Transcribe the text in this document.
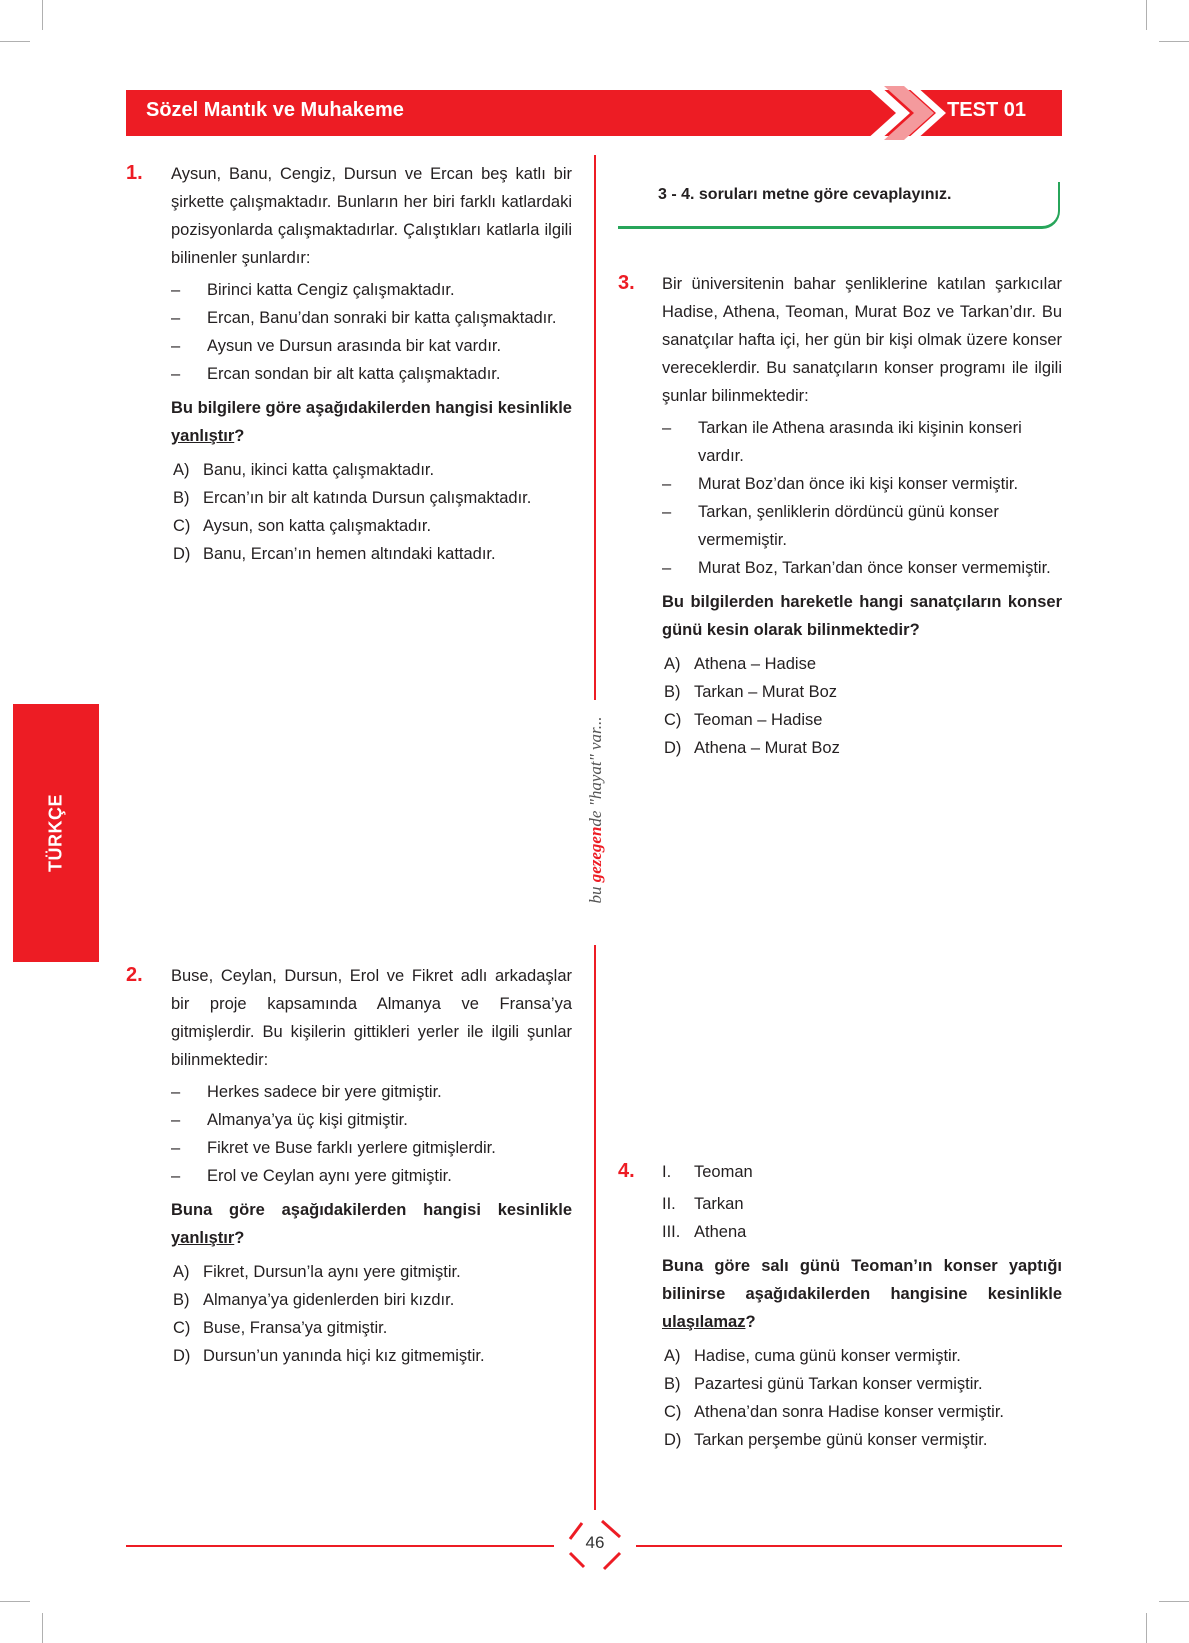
Sözel Mantık ve Muhakeme	TEST 01
TÜRKÇE
bu gezegende "hayat" var...
1. Aysun, Banu, Cengiz, Dursun ve Ercan beş katlı bir şirkette çalışmaktadır. Bunların her biri farklı katlardaki pozisyonlarda çalışmaktadırlar. Çalıştıkları katlarla ilgili bilinenler şunlardır:
– Birinci katta Cengiz çalışmaktadır.
– Ercan, Banu’dan sonraki bir katta çalışmaktadır.
– Aysun ve Dursun arasında bir kat vardır.
– Ercan sondan bir alt katta çalışmaktadır.
Bu bilgilere göre aşağıdakilerden hangisi kesinlikle yanlıştır?
A) Banu, ikinci katta çalışmaktadır.
B) Ercan’ın bir alt katında Dursun çalışmaktadır.
C) Aysun, son katta çalışmaktadır.
D) Banu, Ercan’ın hemen altındaki kattadır.
2. Buse, Ceylan, Dursun, Erol ve Fikret adlı arkadaşlar bir proje kapsamında Almanya ve Fransa’ya gitmişlerdir. Bu kişilerin gittikleri yerler ile ilgili şunlar bilinmektedir:
– Herkes sadece bir yere gitmiştir.
– Almanya’ya üç kişi gitmiştir.
– Fikret ve Buse farklı yerlere gitmişlerdir.
– Erol ve Ceylan aynı yere gitmiştir.
Buna göre aşağıdakilerden hangisi kesinlikle yanlıştır?
A) Fikret, Dursun’la aynı yere gitmiştir.
B) Almanya’ya gidenlerden biri kızdır.
C) Buse, Fransa’ya gitmiştir.
D) Dursun’un yanında hiçi kız gitmemiştir.
3 - 4. soruları metne göre cevaplayınız.
3. Bir üniversitenin bahar şenliklerine katılan şarkıcılar Hadise, Athena, Teoman, Murat Boz ve Tarkan’dır. Bu sanatçılar hafta içi, her gün bir kişi olmak üzere konser vereceklerdir. Bu sanatçıların konser programı ile ilgili şunlar bilinmektedir:
– Tarkan ile Athena arasında iki kişinin konseri vardır.
– Murat Boz’dan önce iki kişi konser vermiştir.
– Tarkan, şenliklerin dördüncü günü konser vermemiştir.
– Murat Boz, Tarkan’dan önce konser vermemiştir.
Bu bilgilerden hareketle hangi sanatçıların konser günü kesin olarak bilinmektedir?
A) Athena – Hadise
B) Tarkan – Murat Boz
C) Teoman – Hadise
D) Athena – Murat Boz
4. I. Teoman
II. Tarkan
III. Athena
Buna göre salı günü Teoman’ın konser yaptığı bilinirse aşağıdakilerden hangisine kesinlikle ulaşılamaz?
A) Hadise, cuma günü konser vermiştir.
B) Pazartesi günü Tarkan konser vermiştir.
C) Athena’dan sonra Hadise konser vermiştir.
D) Tarkan perşembe günü konser vermiştir.
46
